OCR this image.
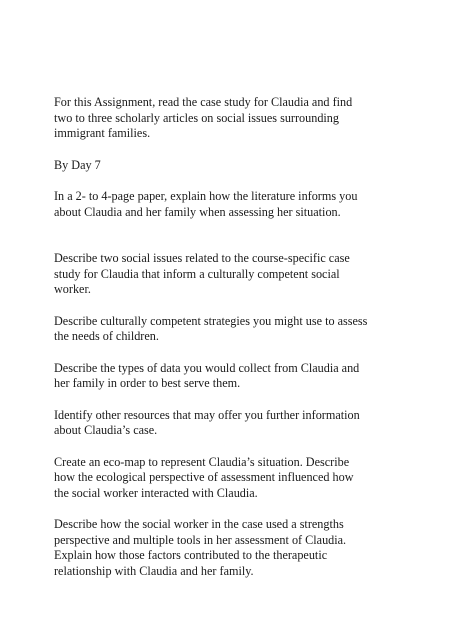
For this Assignment, read the case study for Claudia and find
two to three scholarly articles on social issues surrounding
immigrant families.

By Day 7

In a 2- to 4-page paper, explain how the literature informs you
about Claudia and her family when assessing her situation.

Describe two social issues related to the course-specific case
study for Claudia that inform a culturally competent social
worker.

Describe culturally competent strategies you might use to assess
the needs of children.

Describe the types of data you would collect from Claudia and
her family in order to best serve them.

Identify other resources that may offer you further information
about Claudia’s case.

Create an eco-map to represent Claudia’s situation. Describe
how the ecological perspective of assessment influenced how
the social worker interacted with Claudia.

Describe how the social worker in the case used a strengths
perspective and multiple tools in her assessment of Claudia.
Explain how those factors contributed to the therapeutic
relationship with Claudia and her family.
